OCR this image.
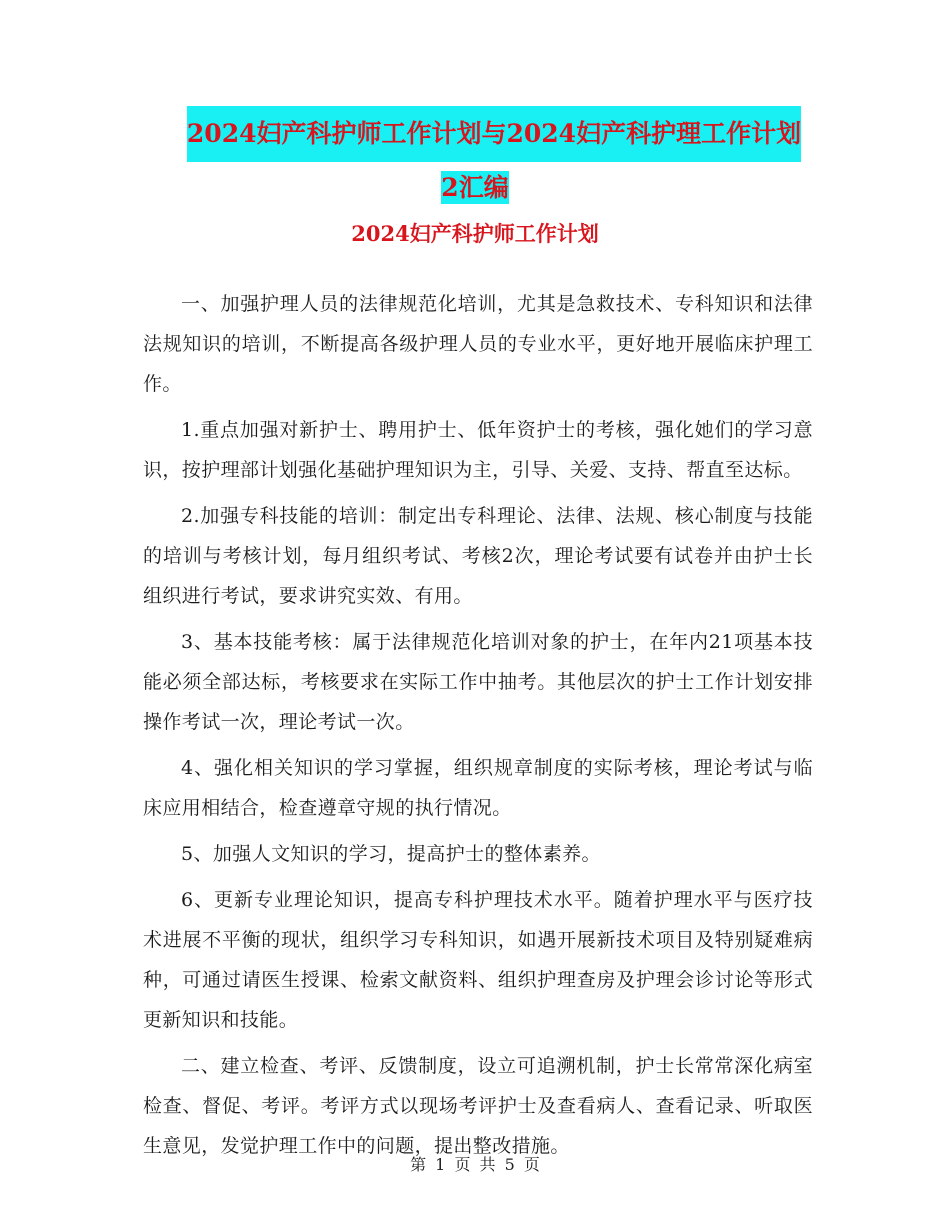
2024妇产科护师工作计划与2024妇产科护理工作计划
2汇编
2024妇产科护师工作计划

一、加强护理人员的法律规范化培训，尤其是急救技术、专科知识和法律法规知识的培训，不断提高各级护理人员的专业水平，更好地开展临床护理工作。

1.重点加强对新护士、聘用护士、低年资护士的考核，强化她们的学习意识，按护理部计划强化基础护理知识为主，引导、关爱、支持、帮直至达标。

2.加强专科技能的培训：制定出专科理论、法律、法规、核心制度与技能的培训与考核计划，每月组织考试、考核2次，理论考试要有试卷并由护士长组织进行考试，要求讲究实效、有用。

3、基本技能考核：属于法律规范化培训对象的护士，在年内21项基本技能必须全部达标，考核要求在实际工作中抽考。其他层次的护士工作计划安排操作考试一次，理论考试一次。

4、强化相关知识的学习掌握，组织规章制度的实际考核，理论考试与临床应用相结合，检查遵章守规的执行情况。

5、加强人文知识的学习，提高护士的整体素养。

6、更新专业理论知识，提高专科护理技术水平。随着护理水平与医疗技术进展不平衡的现状，组织学习专科知识，如遇开展新技术项目及特别疑难病种，可通过请医生授课、检索文献资料、组织护理查房及护理会诊讨论等形式更新知识和技能。

二、建立检查、考评、反馈制度，设立可追溯机制，护士长常常深化病室检查、督促、考评。考评方式以现场考评护士及查看病人、查看记录、听取医生意见，发觉护理工作中的问题，提出整改措施。

第 1 页 共 5 页
